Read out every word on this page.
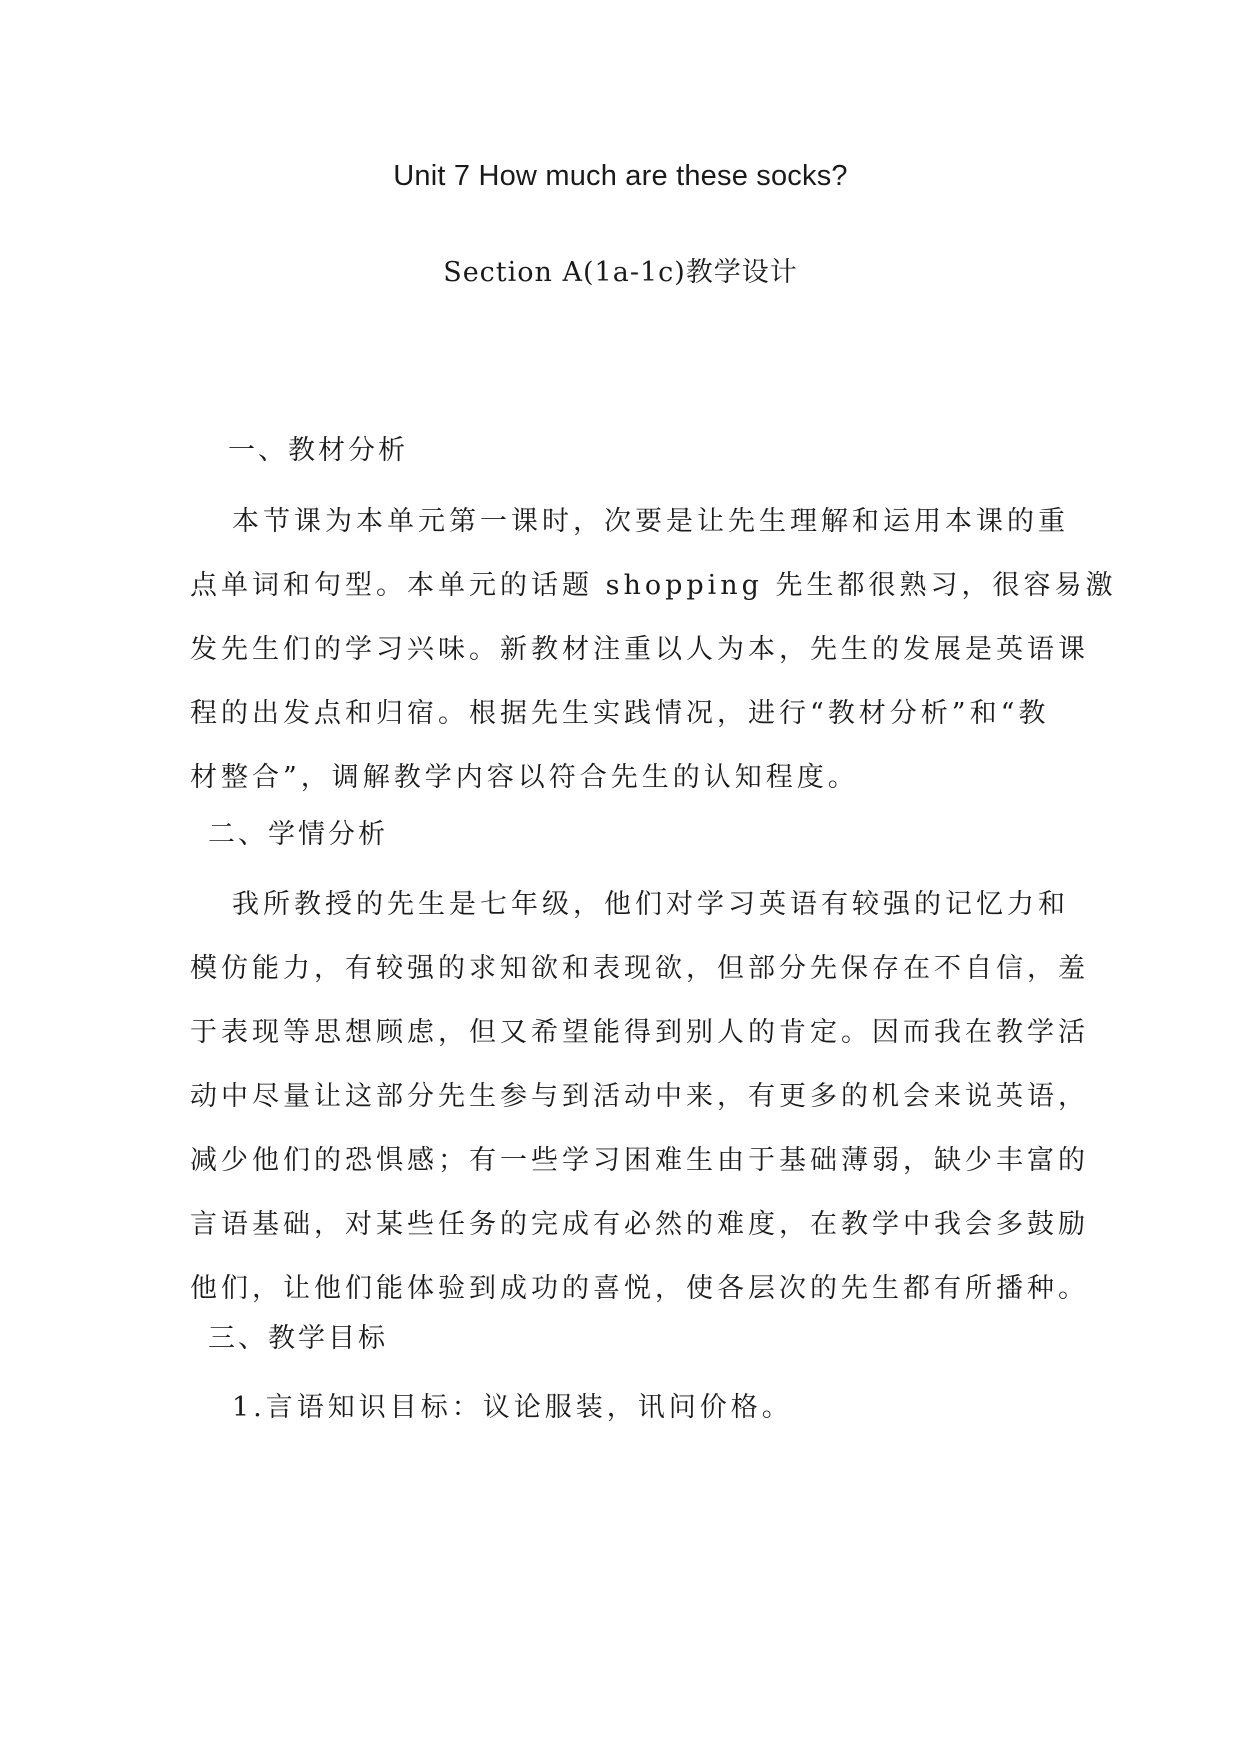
Unit 7 How much are these socks?
Section A(1a-1c)教学设计
一、教材分析
本节课为本单元第一课时，次要是让先生理解和运用本课的重
点单词和句型。本单元的话题 shopping 先生都很熟习，很容易激
发先生们的学习兴味。新教材注重以人为本，先生的发展是英语课
程的出发点和归宿。根据先生实践情况，进行“教材分析”和“教
材整合”，调解教学内容以符合先生的认知程度。
二、学情分析
我所教授的先生是七年级，他们对学习英语有较强的记忆力和
模仿能力，有较强的求知欲和表现欲，但部分先保存在不自信，羞
于表现等思想顾虑，但又希望能得到别人的肯定。因而我在教学活
动中尽量让这部分先生参与到活动中来，有更多的机会来说英语，
减少他们的恐惧感；有一些学习困难生由于基础薄弱，缺少丰富的
言语基础，对某些任务的完成有必然的难度，在教学中我会多鼓励
他们，让他们能体验到成功的喜悦，使各层次的先生都有所播种。
三、教学目标
1.言语知识目标：议论服装，讯问价格。
